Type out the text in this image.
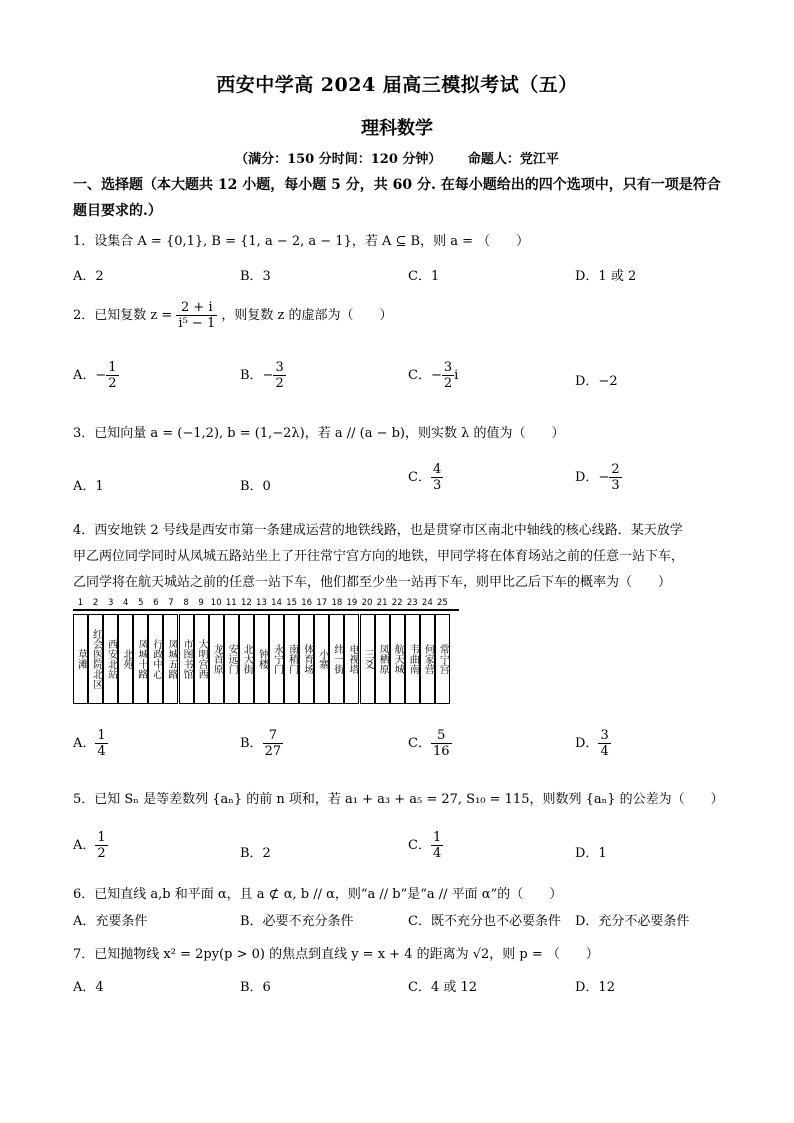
西安中学高 2024 届高三模拟考试（五）
理科数学
（满分：150 分时间：120 分钟） 命题人：党江平
一、选择题（本大题共 12 小题，每小题 5 分，共 60 分. 在每小题给出的四个选项中，只有一项是符合题目要求的.）
1．设集合 A = {0,1}, B = {1, a − 2, a − 1}，若 A ⊆ B，则 a = （　　）
A．2	B．3	C．1	D．1 或 2
2．已知复数 $z = \frac{2 + i}{\text{i⁵ − 1}}$ ，则复数 z 的虚部为（　　）
A．− $\frac{1}{2}$	B．− $\frac{3}{2}$	C．− $\frac{3}{2}$ i	D．−2
3．已知向量 a = (−1,2), b = (1,−2λ)，若 a // (a − b)，则实数 λ 的值为（　　）
A．1	B．0
C． $\frac{4}{3}$	D．− $\frac{2}{3}$
4．西安地铁 2 号线是西安市第一条建成运营的地铁线路，也是贯穿市区南北中轴线的核心线路．某天放学
甲乙两位同学同时从凤城五路站坐上了开往常宁宫方向的地铁，甲同学将在体育场站之前的任意一站下车，
乙同学将在航天城站之前的任意一站下车，他们都至少坐一站再下车，则甲比乙后下车的概率为（　　）
1
草滩
2
红会医院北区
3
西安北站
4
北苑
5
凤城十路
6
行政中心
7
凤城五路
8
市图书馆
9
大明宫西
10
龙首原
11
安远门
12
北大街
13
钟楼
14
永宁门
15
南稍门
16
体育场
17
小寨
18
纬一街
19
电视塔
20
三爻
21
凤栖原
22
航天城
23
韦曲南
24
何家营
25
常宁宫
A． $\frac{1}{4}$	B． $\frac{7}{27}$	C． $\frac{5}{16}$	D． $\frac{3}{4}$
5．已知 Sₙ 是等差数列 {aₙ} 的前 n 项和，若 a₁ + a₃ + a₅ = 27, S₁₀ = 115，则数列 {aₙ} 的公差为（　　）
A． $\frac{1}{2}$	B．2
C． $\frac{1}{4}$	D．1
6．已知直线 a,b 和平面 α，且 a ⊄ α, b // α，则“a // b”是“a // 平面 α”的（　　）
A．充要条件	B．必要不充分条件	C．既不充分也不必要条件 D．充分不必要条件
7．已知抛物线 x² = 2py(p > 0) 的焦点到直线 y = x + 4 的距离为 √2，则 p = （　　）
A．4	B．6	C．4 或 12	D．12
